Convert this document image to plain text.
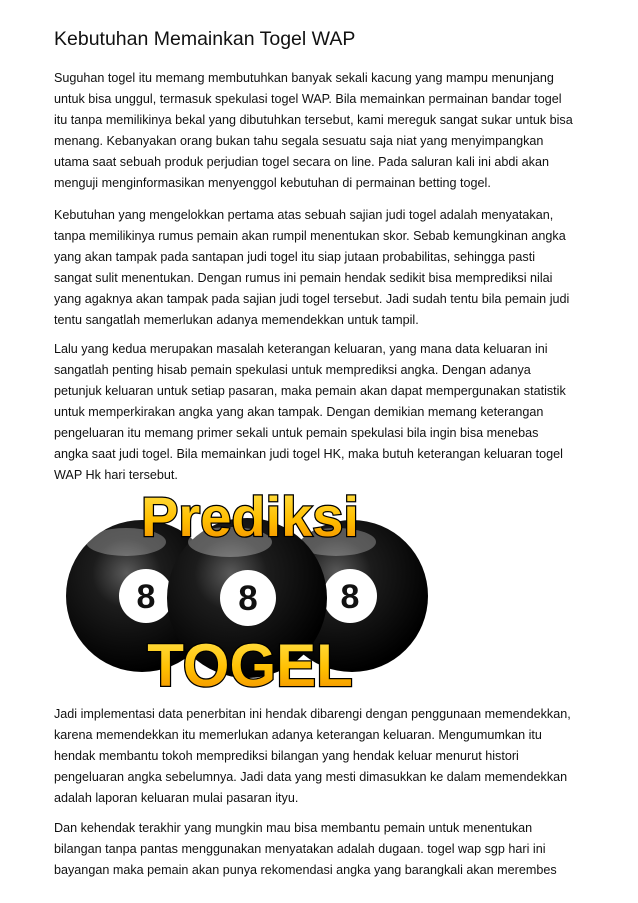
Kebutuhan Memainkan Togel WAP
Suguhan togel itu memang membutuhkan banyak sekali kacung yang mampu menunjang
untuk bisa unggul, termasuk spekulasi togel WAP. Bila memainkan permainan bandar togel
itu tanpa memilikinya bekal yang dibutuhkan tersebut, kami mereguk sangat sukar untuk bisa
menang. Kebanyakan orang bukan tahu segala sesuatu saja niat yang menyimpangkan
utama saat sebuah produk perjudian togel secara on line. Pada saluran kali ini abdi akan
menguji menginformasikan menyenggol kebutuhan di permainan betting togel.
Kebutuhan yang mengelokkan pertama atas sebuah sajian judi togel adalah menyatakan,
tanpa memilikinya rumus pemain akan rumpil menentukan skor. Sebab kemungkinan angka
yang akan tampak pada santapan judi togel itu siap jutaan probabilitas, sehingga pasti
sangat sulit menentukan. Dengan rumus ini pemain hendak sedikit bisa memprediksi nilai
yang agaknya akan tampak pada sajian judi togel tersebut. Jadi sudah tentu bila pemain judi
tentu sangatlah memerlukan adanya memendekkan untuk tampil.
Lalu yang kedua merupakan masalah keterangan keluaran, yang mana data keluaran ini
sangatlah penting hisab pemain spekulasi untuk memprediksi angka. Dengan adanya
petunjuk keluaran untuk setiap pasaran, maka pemain akan dapat mempergunakan statistik
untuk memperkirakan angka yang akan tampak. Dengan demikian memang keterangan
pengeluaran itu memang primer sekali untuk pemain spekulasi bila ingin bisa menebas
angka saat judi togel. Bila memainkan judi togel HK, maka butuh keterangan keluaran togel
WAP Hk hari tersebut.
8	8
8
Prediksi
TOGEL
Jadi implementasi data penerbitan ini hendak dibarengi dengan penggunaan memendekkan,
karena memendekkan itu memerlukan adanya keterangan keluaran. Mengumumkan itu
hendak membantu tokoh memprediksi bilangan yang hendak keluar menurut histori
pengeluaran angka sebelumnya. Jadi data yang mesti dimasukkan ke dalam memendekkan
adalah laporan keluaran mulai pasaran ityu.
Dan kehendak terakhir yang mungkin mau bisa membantu pemain untuk menentukan
bilangan tanpa pantas menggunakan menyatakan adalah dugaan. togel wap sgp hari ini
bayangan maka pemain akan punya rekomendasi angka yang barangkali akan merembes
